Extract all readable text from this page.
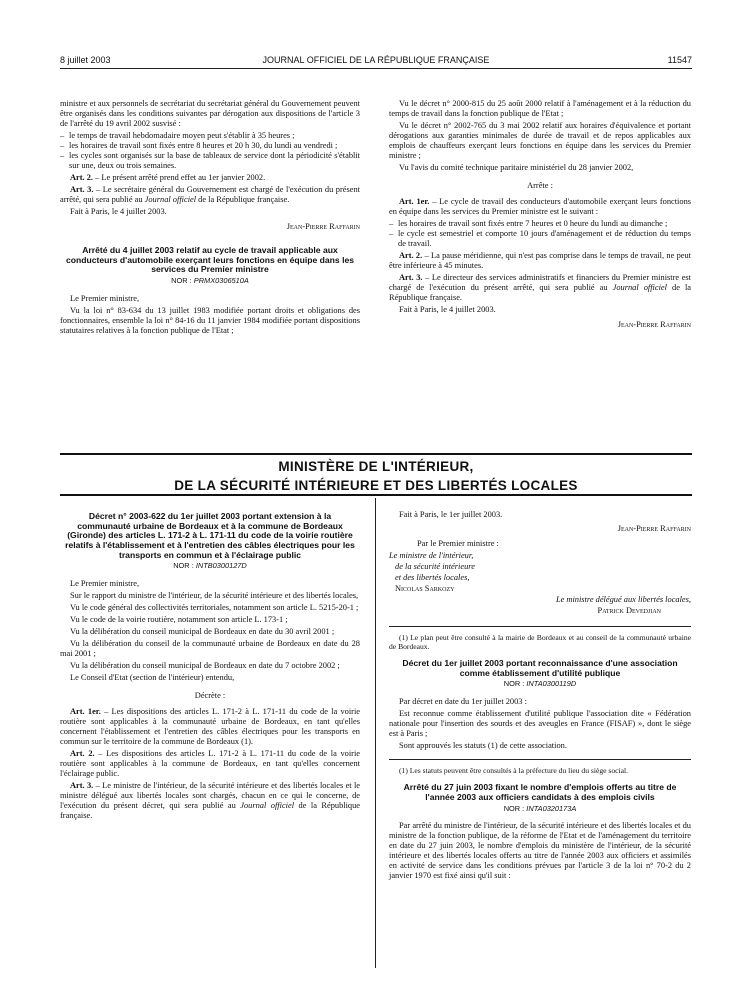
8 juillet 2003	JOURNAL OFFICIEL DE LA RÉPUBLIQUE FRANÇAISE	11547

ministre et aux personnels de secrétariat du secrétariat général du Gouvernement peuvent être organisés dans les conditions suivantes par dérogation aux dispositions de l'article 3 de l'arrêté du 19 avril 2002 susvisé :

– le temps de travail hebdomadaire moyen peut s'établir à 35 heures ;
– les horaires de travail sont fixés entre 8 heures et 20 h 30, du lundi au vendredi ;
– les cycles sont organisés sur la base de tableaux de service dont la périodicité s'établit sur une, deux ou trois semaines.

Art. 2. – Le présent arrêté prend effet au 1er janvier 2002.

Art. 3. – Le secrétaire général du Gouvernement est chargé de l'exécution du présent arrêté, qui sera publié au Journal officiel de la République française.

Fait à Paris, le 4 juillet 2003.

Jean-Pierre Raffarin
Arrêté du 4 juillet 2003 relatif au cycle de travail applicable aux conducteurs d'automobile exerçant leurs fonctions en équipe dans les services du Premier ministre
NOR : PRMX0306510A

Le Premier ministre,

Vu la loi n° 83-634 du 13 juillet 1983 modifiée portant droits et obligations des fonctionnaires, ensemble la loi n° 84-16 du 11 janvier 1984 modifiée portant dispositions statutaires relatives à la fonction publique de l'Etat ;

Vu le décret n° 2000-815 du 25 août 2000 relatif à l'aménagement et à la réduction du temps de travail dans la fonction publique de l'Etat ;

Vu le décret n° 2002-765 du 3 mai 2002 relatif aux horaires d'équivalence et portant dérogations aux garanties minimales de durée de travail et de repos applicables aux emplois de chauffeurs exerçant leurs fonctions en équipe dans les services du Premier ministre ;

Vu l'avis du comité technique paritaire ministériel du 28 janvier 2002,

Arrête :

Art. 1er. – Le cycle de travail des conducteurs d'automobile exerçant leurs fonctions en équipe dans les services du Premier ministre est le suivant :

– les horaires de travail sont fixés entre 7 heures et 0 heure du lundi au dimanche ;
– le cycle est semestriel et comporte 10 jours d'aménagement et de réduction du temps de travail.

Art. 2. – La pause méridienne, qui n'est pas comprise dans le temps de travail, ne peut être inférieure à 45 minutes.

Art. 3. – Le directeur des services administratifs et financiers du Premier ministre est chargé de l'exécution du présent arrêté, qui sera publié au Journal officiel de la République française.

Fait à Paris, le 4 juillet 2003.

Jean-Pierre Raffarin
MINISTÈRE DE L'INTÉRIEUR,
DE LA SÉCURITÉ INTÉRIEURE ET DES LIBERTÉS LOCALES
Décret n° 2003-622 du 1er juillet 2003 portant extension à la communauté urbaine de Bordeaux et à la commune de Bordeaux (Gironde) des articles L. 171-2 à L. 171-11 du code de la voirie routière relatifs à l'établissement et à l'entretien des câbles électriques pour les transports en commun et à l'éclairage public
NOR : INTB0300127D

Le Premier ministre,

Sur le rapport du ministre de l'intérieur, de la sécurité intérieure et des libertés locales,

Vu le code général des collectivités territoriales, notamment son article L. 5215-20-1 ;

Vu le code de la voirie routière, notamment son article L. 173-1 ;

Vu la délibération du conseil municipal de Bordeaux en date du 30 avril 2001 ;

Vu la délibération du conseil de la communauté urbaine de Bordeaux en date du 28 mai 2001 ;

Vu la délibération du conseil municipal de Bordeaux en date du 7 octobre 2002 ;

Le Conseil d'Etat (section de l'intérieur) entendu,

Décrète :

Art. 1er. – Les dispositions des articles L. 171-2 à L. 171-11 du code de la voirie routière sont applicables à la communauté urbaine de Bordeaux, en tant qu'elles concernent l'établissement et l'entretien des câbles électriques pour les transports en commun sur le territoire de la commune de Bordeaux (1).

Art. 2. – Les dispositions des articles L. 171-2 à L. 171-11 du code de la voirie routière sont applicables à la commune de Bordeaux, en tant qu'elles concernent l'éclairage public.

Art. 3. – Le ministre de l'intérieur, de la sécurité intérieure et des libertés locales et le ministre délégué aux libertés locales sont chargés, chacun en ce qui le concerne, de l'exécution du présent décret, qui sera publié au Journal officiel de la République française.

Fait à Paris, le 1er juillet 2003.

Jean-Pierre Raffarin

Par le Premier ministre :

Le ministre de l'intérieur,
de la sécurité intérieure
et des libertés locales,
Nicolas Sarkozy
Le ministre délégué aux libertés locales,
Patrick Devedjian

(1) Le plan peut être consulté à la mairie de Bordeaux et au conseil de la communauté urbaine de Bordeaux.

Décret du 1er juillet 2003 portant reconnaissance d'une association comme établissement d'utilité publique
NOR : INTA0300119D

Par décret en date du 1er juillet 2003 :

Est reconnue comme établissement d'utilité publique l'association dite « Fédération nationale pour l'insertion des sourds et des aveugles en France (FISAF) », dont le siège est à Paris ;

Sont approuvés les statuts (1) de cette association.

(1) Les statuts peuvent être consultés à la préfecture du lieu du siège social.

Arrêté du 27 juin 2003 fixant le nombre d'emplois offerts au titre de l'année 2003 aux officiers candidats à des emplois civils
NOR : INTA0320173A

Par arrêté du ministre de l'intérieur, de la sécurité intérieure et des libertés locales et du ministre de la fonction publique, de la réforme de l'Etat et de l'aménagement du territoire en date du 27 juin 2003, le nombre d'emplois du ministère de l'intérieur, de la sécurité intérieure et des libertés locales offerts au titre de l'année 2003 aux officiers et assimilés en activité de service dans les conditions prévues par l'article 3 de la loi n° 70-2 du 2 janvier 1970 est fixé ainsi qu'il suit :
